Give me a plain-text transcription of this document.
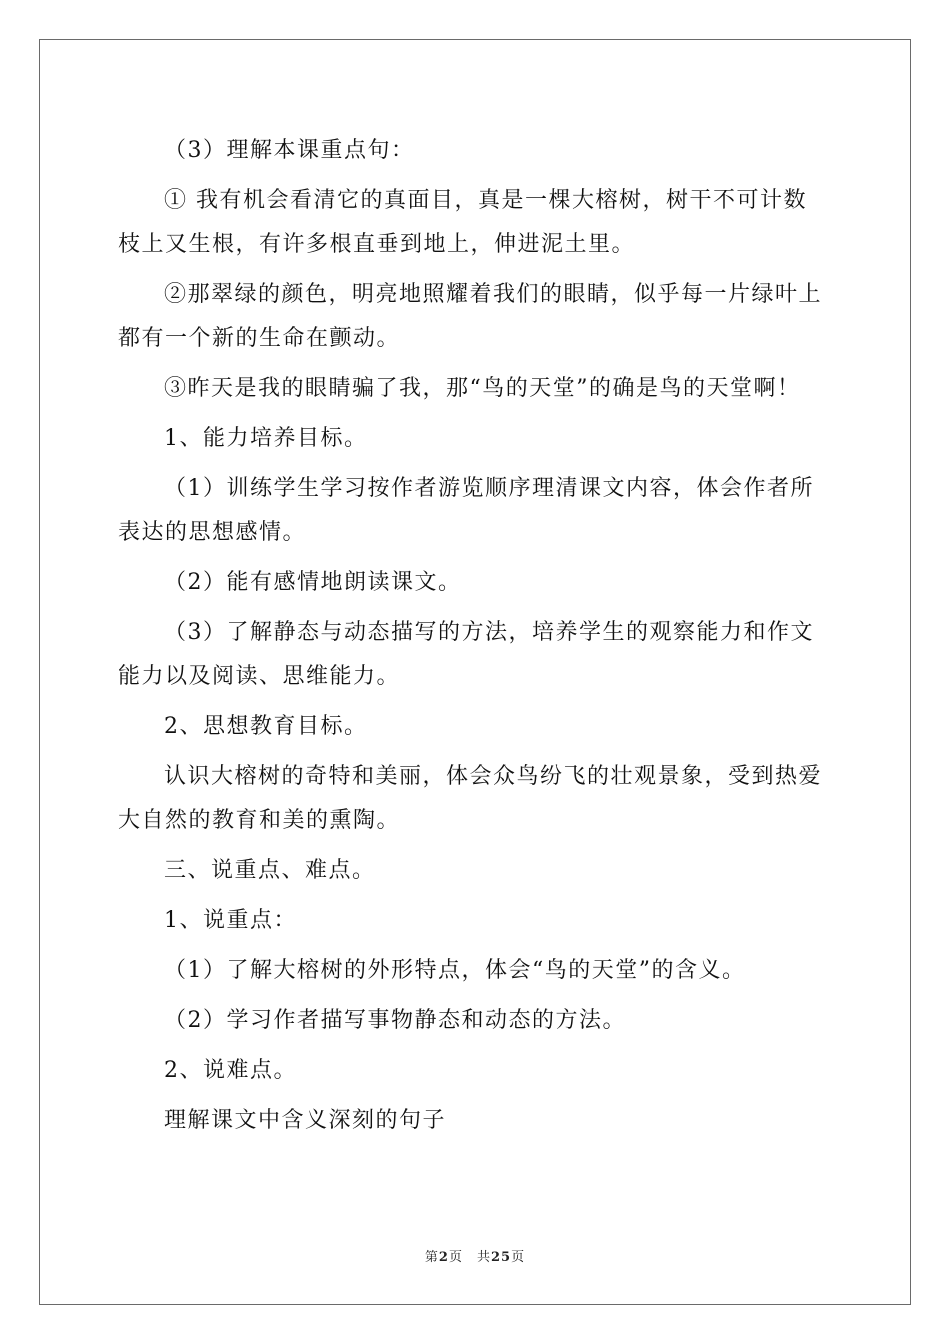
（3）理解本课重点句：

① 我有机会看清它的真面目，真是一棵大榕树，树干不可计数

枝上又生根，有许多根直垂到地上，伸进泥土里。

②那翠绿的颜色，明亮地照耀着我们的眼睛，似乎每一片绿叶上

都有一个新的生命在颤动。

③昨天是我的眼睛骗了我，那“鸟的天堂”的确是鸟的天堂啊！

1、能力培养目标。

（1）训练学生学习按作者游览顺序理清课文内容，体会作者所

表达的思想感情。

（2）能有感情地朗读课文。

（3）了解静态与动态描写的方法，培养学生的观察能力和作文

能力以及阅读、思维能力。

2、思想教育目标。

认识大榕树的奇特和美丽，体会众鸟纷飞的壮观景象，受到热爱

大自然的教育和美的熏陶。

三、说重点、难点。

1、说重点：

（1）了解大榕树的外形特点，体会“鸟的天堂”的含义。

（2）学习作者描写事物静态和动态的方法。

2、说难点。

理解课文中含义深刻的句子

第2页　共25页
